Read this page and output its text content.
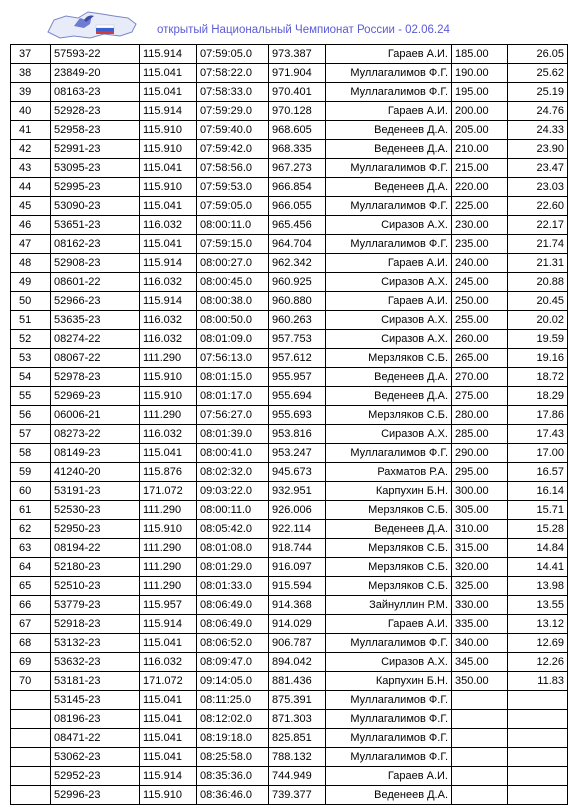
открытый Национальный Чемпионат России - 02.06.24
37	57593-22	115.914	07:59:05.0	973.387	Гараев А.И.	185.00	26.05
38	23849-20	115.041	07:58:22.0	971.904	Муллагалимов Ф.Г.	190.00	25.62
39	08163-23	115.041	07:58:33.0	970.401	Муллагалимов Ф.Г.	195.00	25.19
40	52928-23	115.914	07:59:29.0	970.128	Гараев А.И.	200.00	24.76
41	52958-23	115.910	07:59:40.0	968.605	Веденеев Д.А.	205.00	24.33
42	52991-23	115.910	07:59:42.0	968.335	Веденеев Д.А.	210.00	23.90
43	53095-23	115.041	07:58:56.0	967.273	Муллагалимов Ф.Г.	215.00	23.47
44	52995-23	115.910	07:59:53.0	966.854	Веденеев Д.А.	220.00	23.03
45	53090-23	115.041	07:59:05.0	966.055	Муллагалимов Ф.Г.	225.00	22.60
46	53651-23	116.032	08:00:11.0	965.456	Сиразов А.Х.	230.00	22.17
47	08162-23	115.041	07:59:15.0	964.704	Муллагалимов Ф.Г.	235.00	21.74
48	52908-23	115.914	08:00:27.0	962.342	Гараев А.И.	240.00	21.31
49	08601-22	116.032	08:00:45.0	960.925	Сиразов А.Х.	245.00	20.88
50	52966-23	115.914	08:00:38.0	960.880	Гараев А.И.	250.00	20.45
51	53635-23	116.032	08:00:50.0	960.263	Сиразов А.Х.	255.00	20.02
52	08274-22	116.032	08:01:09.0	957.753	Сиразов А.Х.	260.00	19.59
53	08067-22	111.290	07:56:13.0	957.612	Мерзляков С.Б.	265.00	19.16
54	52978-23	115.910	08:01:15.0	955.957	Веденеев Д.А.	270.00	18.72
55	52969-23	115.910	08:01:17.0	955.694	Веденеев Д.А.	275.00	18.29
56	06006-21	111.290	07:56:27.0	955.693	Мерзляков С.Б.	280.00	17.86
57	08273-22	116.032	08:01:39.0	953.816	Сиразов А.Х.	285.00	17.43
58	08149-23	115.041	08:00:41.0	953.247	Муллагалимов Ф.Г.	290.00	17.00
59	41240-20	115.876	08:02:32.0	945.673	Рахматов Р.А.	295.00	16.57
60	53191-23	171.072	09:03:22.0	932.951	Карпухин Б.Н.	300.00	16.14
61	52530-23	111.290	08:00:11.0	926.006	Мерзляков С.Б.	305.00	15.71
62	52950-23	115.910	08:05:42.0	922.114	Веденеев Д.А.	310.00	15.28
63	08194-22	111.290	08:01:08.0	918.744	Мерзляков С.Б.	315.00	14.84
64	52180-23	111.290	08:01:29.0	916.097	Мерзляков С.Б.	320.00	14.41
65	52510-23	111.290	08:01:33.0	915.594	Мерзляков С.Б.	325.00	13.98
66	53779-23	115.957	08:06:49.0	914.368	Зайнуллин Р.М.	330.00	13.55
67	52918-23	115.914	08:06:49.0	914.029	Гараев А.И.	335.00	13.12
68	53132-23	115.041	08:06:52.0	906.787	Муллагалимов Ф.Г.	340.00	12.69
69	53632-23	116.032	08:09:47.0	894.042	Сиразов А.Х.	345.00	12.26
70	53181-23	171.072	09:14:05.0	881.436	Карпухин Б.Н.	350.00	11.83
	53145-23	115.041	08:11:25.0	875.391	Муллагалимов Ф.Г.		
	08196-23	115.041	08:12:02.0	871.303	Муллагалимов Ф.Г.		
	08471-22	115.041	08:19:18.0	825.851	Муллагалимов Ф.Г.		
	53062-23	115.041	08:25:58.0	788.132	Муллагалимов Ф.Г.		
	52952-23	115.914	08:35:36.0	744.949	Гараев А.И.		
	52996-23	115.910	08:36:46.0	739.377	Веденеев Д.А.		
